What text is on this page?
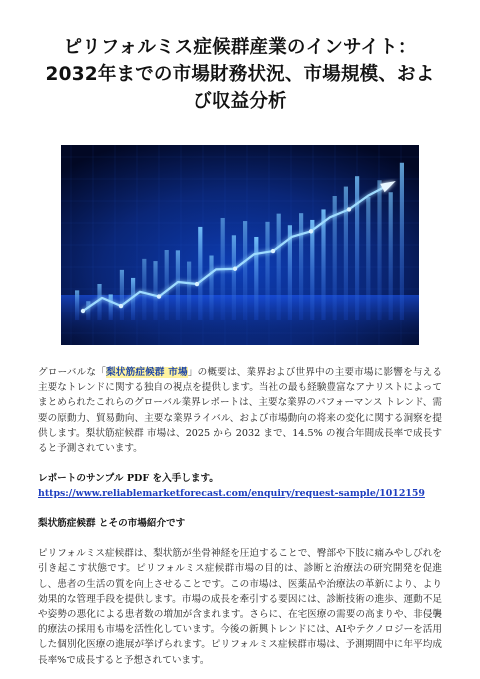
ピリフォルミス症候群産業のインサイト：2032年までの市場財務状況、市場規模、および収益分析

グローバルな「梨状筋症候群 市場」の概要は、業界および世界中の主要市場に影響を与える主要なトレンドに関する独自の視点を提供します。当社の最も経験豊富なアナリストによってまとめられたこれらのグローバル業界レポートは、主要な業界のパフォーマンス トレンド、需要の原動力、貿易動向、主要な業界ライバル、および市場動向の将来の変化に関する洞察を提供します。梨状筋症候群 市場は、2025 から 2032 まで、14.5% の複合年間成長率で成長すると予測されています。

レポートのサンプル PDF を入手します。

https://www.reliablemarketforecast.com/enquiry/request-sample/1012159

梨状筋症候群 とその市場紹介です

ピリフォルミス症候群は、梨状筋が坐骨神経を圧迫することで、臀部や下肢に痛みやしびれを引き起こす状態です。ピリフォルミス症候群市場の目的は、診断と治療法の研究開発を促進し、患者の生活の質を向上させることです。この市場は、医薬品や治療法の革新により、より効果的な管理手段を提供します。市場の成長を牽引する要因には、診断技術の進歩、運動不足や姿勢の悪化による患者数の増加が含まれます。さらに、在宅医療の需要の高まりや、非侵襲的療法の採用も市場を活性化しています。今後の新興トレンドには、AIやテクノロジーを活用した個別化医療の進展が挙げられます。ピリフォルミス症候群市場は、予測期間中に年平均成長率%で成長すると予想されています。
